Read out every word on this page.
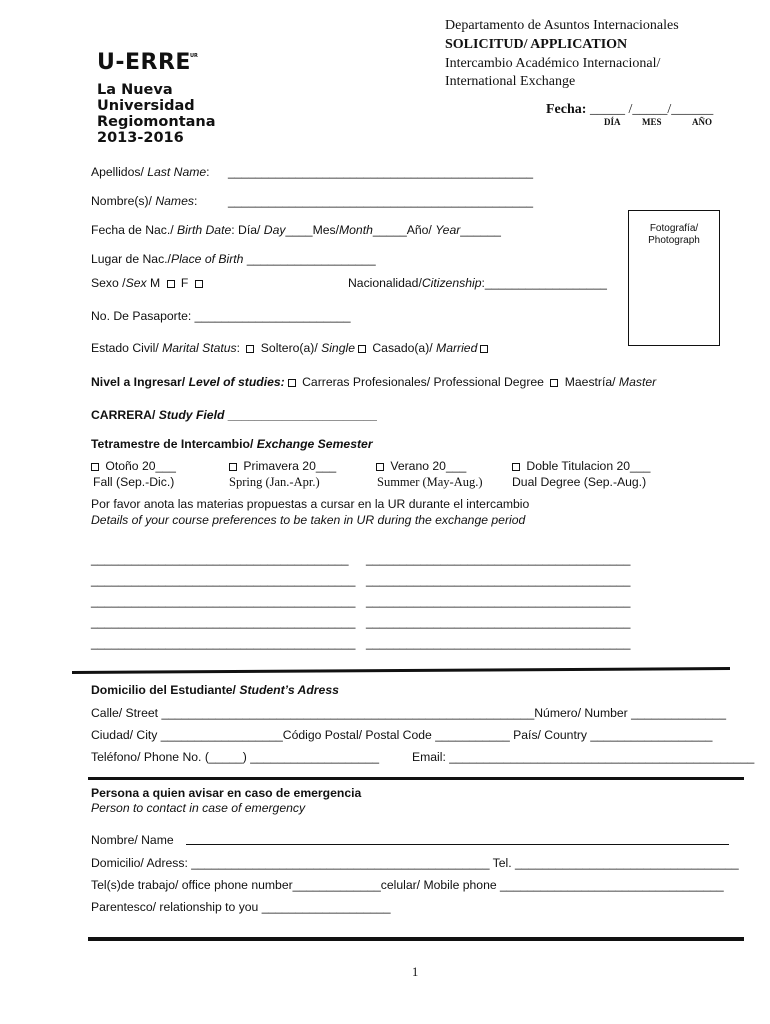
U-ERRE UR
La Nueva
Universidad
Regiomontana
2013-2016
Departamento de Asuntos Internacionales
SOLICITUD/ APPLICATION
Intercambio Académico Internacional/
International Exchange
Fecha: _____ /_____/______
DÍA MES	AÑO
Apellidos/ Last Name: _____________________________________________
Nombre(s)/ Names:	_____________________________________________
Fecha de Nac./ Birth Date: Día/ Day____Mes/Month_____Año/ Year______	Fotografía/
Photograph
Lugar de Nac./Place of Birth ___________________
Sexo /Sex M  F	Nacionalidad/Citizenship:__________________
No. De Pasaporte: _______________________
Estado Civil/ Marital Status:  Soltero(a)/ Single Casado(a)/ Married
Nivel a Ingresar/ Level of studies: Carreras Profesionales/ Professional Degree  Maestría/ Master
CARRERA/ Study Field ______________________
Tetramestre de Intercambio/ Exchange Semester
Otoño 20___
Fall (Sep.-Dic.)
Primavera 20___
Spring (Jan.-Apr.)
Verano 20___
Summer (May-Aug.)
Doble Titulacion 20___
Dual Degree (Sep.-Aug.)
Por favor anota las materias propuestas a cursar en la UR durante el intercambio
Details of your course preferences to be taken in UR during the exchange period
______________________________________
_______________________________________
_______________________________________
_______________________________________
_______________________________________
_______________________________________
_______________________________________
_______________________________________
_______________________________________
_______________________________________
Domicilio del Estudiante/ Student’s Adress
Calle/ Street _______________________________________________________Número/ Number ______________
Ciudad/ City __________________Código Postal/ Postal Code ___________ País/ Country __________________
Teléfono/ Phone No. (_____) ___________________	Email: _____________________________________________
Persona a quien avisar en caso de emergencia
Person to contact in case of emergency
Nombre/ Name
Domicilio/ Adress: ____________________________________________ Tel. _________________________________
Tel(s)de trabajo/ office phone number_____________celular/ Mobile phone _________________________________
Parentesco/ relationship to you ___________________
1
